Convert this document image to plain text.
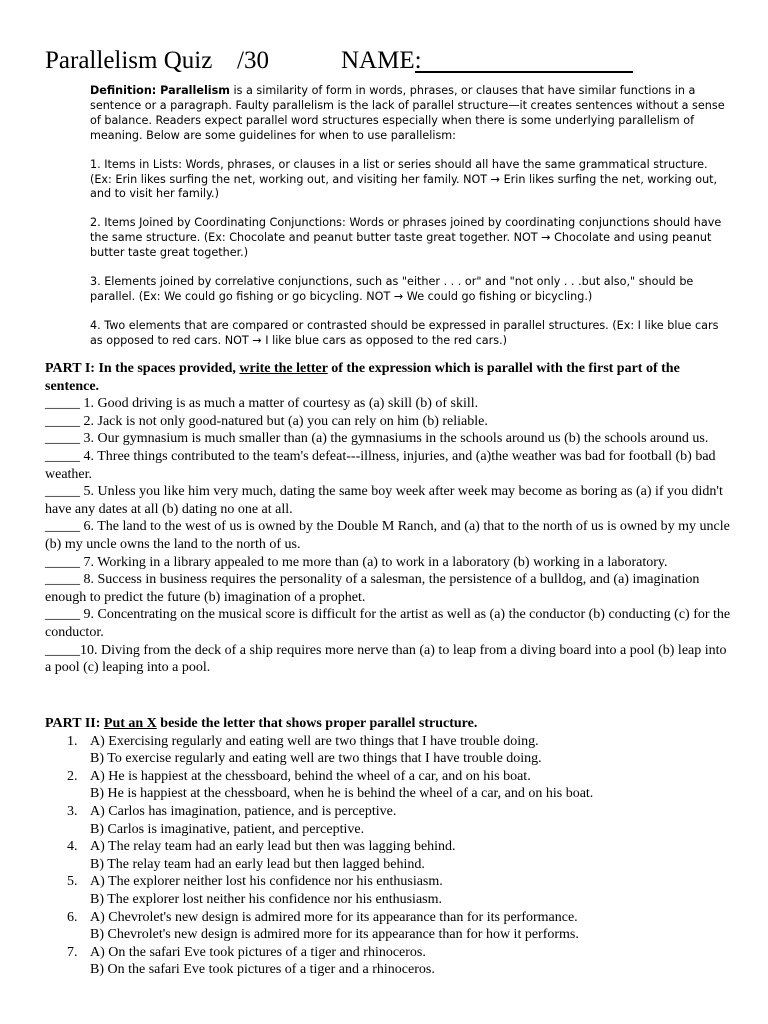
Parallelism Quiz /30	NAME:

Definition: Parallelism is a similarity of form in words, phrases, or clauses that have similar functions in a sentence or a paragraph. Faulty parallelism is the lack of parallel structure—it creates sentences without a sense of balance. Readers expect parallel word structures especially when there is some underlying parallelism of meaning. Below are some guidelines for when to use parallelism:

1. Items in Lists: Words, phrases, or clauses in a list or series should all have the same grammatical structure. (Ex: Erin likes surfing the net, working out, and visiting her family. NOT → Erin likes surfing the net, working out, and to visit her family.)

2. Items Joined by Coordinating Conjunctions: Words or phrases joined by coordinating conjunctions should have the same structure. (Ex: Chocolate and peanut butter taste great together. NOT → Chocolate and using peanut butter taste great together.)

3. Elements joined by correlative conjunctions, such as "either . . . or" and "not only . . .but also," should be parallel. (Ex: We could go fishing or go bicycling. NOT → We could go fishing or bicycling.)

4. Two elements that are compared or contrasted should be expressed in parallel structures. (Ex: I like blue cars as opposed to red cars. NOT → I like blue cars as opposed to the red cars.)

PART I: In the spaces provided, write the letter of the expression which is parallel with the first part of the sentence.

_____ 1. Good driving is as much a matter of courtesy as (a) skill (b) of skill.

_____ 2. Jack is not only good-natured but (a) you can rely on him (b) reliable.

_____ 3. Our gymnasium is much smaller than (a) the gymnasiums in the schools around us (b) the schools around us.

_____ 4. Three things contributed to the team's defeat---illness, injuries, and (a)the weather was bad for football (b) bad weather.

_____ 5. Unless you like him very much, dating the same boy week after week may become as boring as (a) if you didn't have any dates at all (b) dating no one at all.

_____ 6. The land to the west of us is owned by the Double M Ranch, and (a) that to the north of us is owned by my uncle (b) my uncle owns the land to the north of us.

_____ 7. Working in a library appealed to me more than (a) to work in a laboratory (b) working in a laboratory.

_____ 8. Success in business requires the personality of a salesman, the persistence of a bulldog, and (a) imagination enough to predict the future (b) imagination of a prophet.

_____ 9. Concentrating on the musical score is difficult for the artist as well as (a) the conductor (b) conducting (c) for the conductor.

_____10. Diving from the deck of a ship requires more nerve than (a) to leap from a diving board into a pool (b) leap into a pool (c) leaping into a pool.

PART II: Put an X beside the letter that shows proper parallel structure.
1. A) Exercising regularly and eating well are two things that I have trouble doing.
B) To exercise regularly and eating well are two things that I have trouble doing.
2. A) He is happiest at the chessboard, behind the wheel of a car, and on his boat.
B) He is happiest at the chessboard, when he is behind the wheel of a car, and on his boat.
3. A) Carlos has imagination, patience, and is perceptive.
B) Carlos is imaginative, patient, and perceptive.
4. A) The relay team had an early lead but then was lagging behind.
B) The relay team had an early lead but then lagged behind.
5. A) The explorer neither lost his confidence nor his enthusiasm.
B) The explorer lost neither his confidence nor his enthusiasm.
6. A) Chevrolet's new design is admired more for its appearance than for its performance.
B) Chevrolet's new design is admired more for its appearance than for how it performs.
7. A) On the safari Eve took pictures of a tiger and rhinoceros.
B) On the safari Eve took pictures of a tiger and a rhinoceros.
